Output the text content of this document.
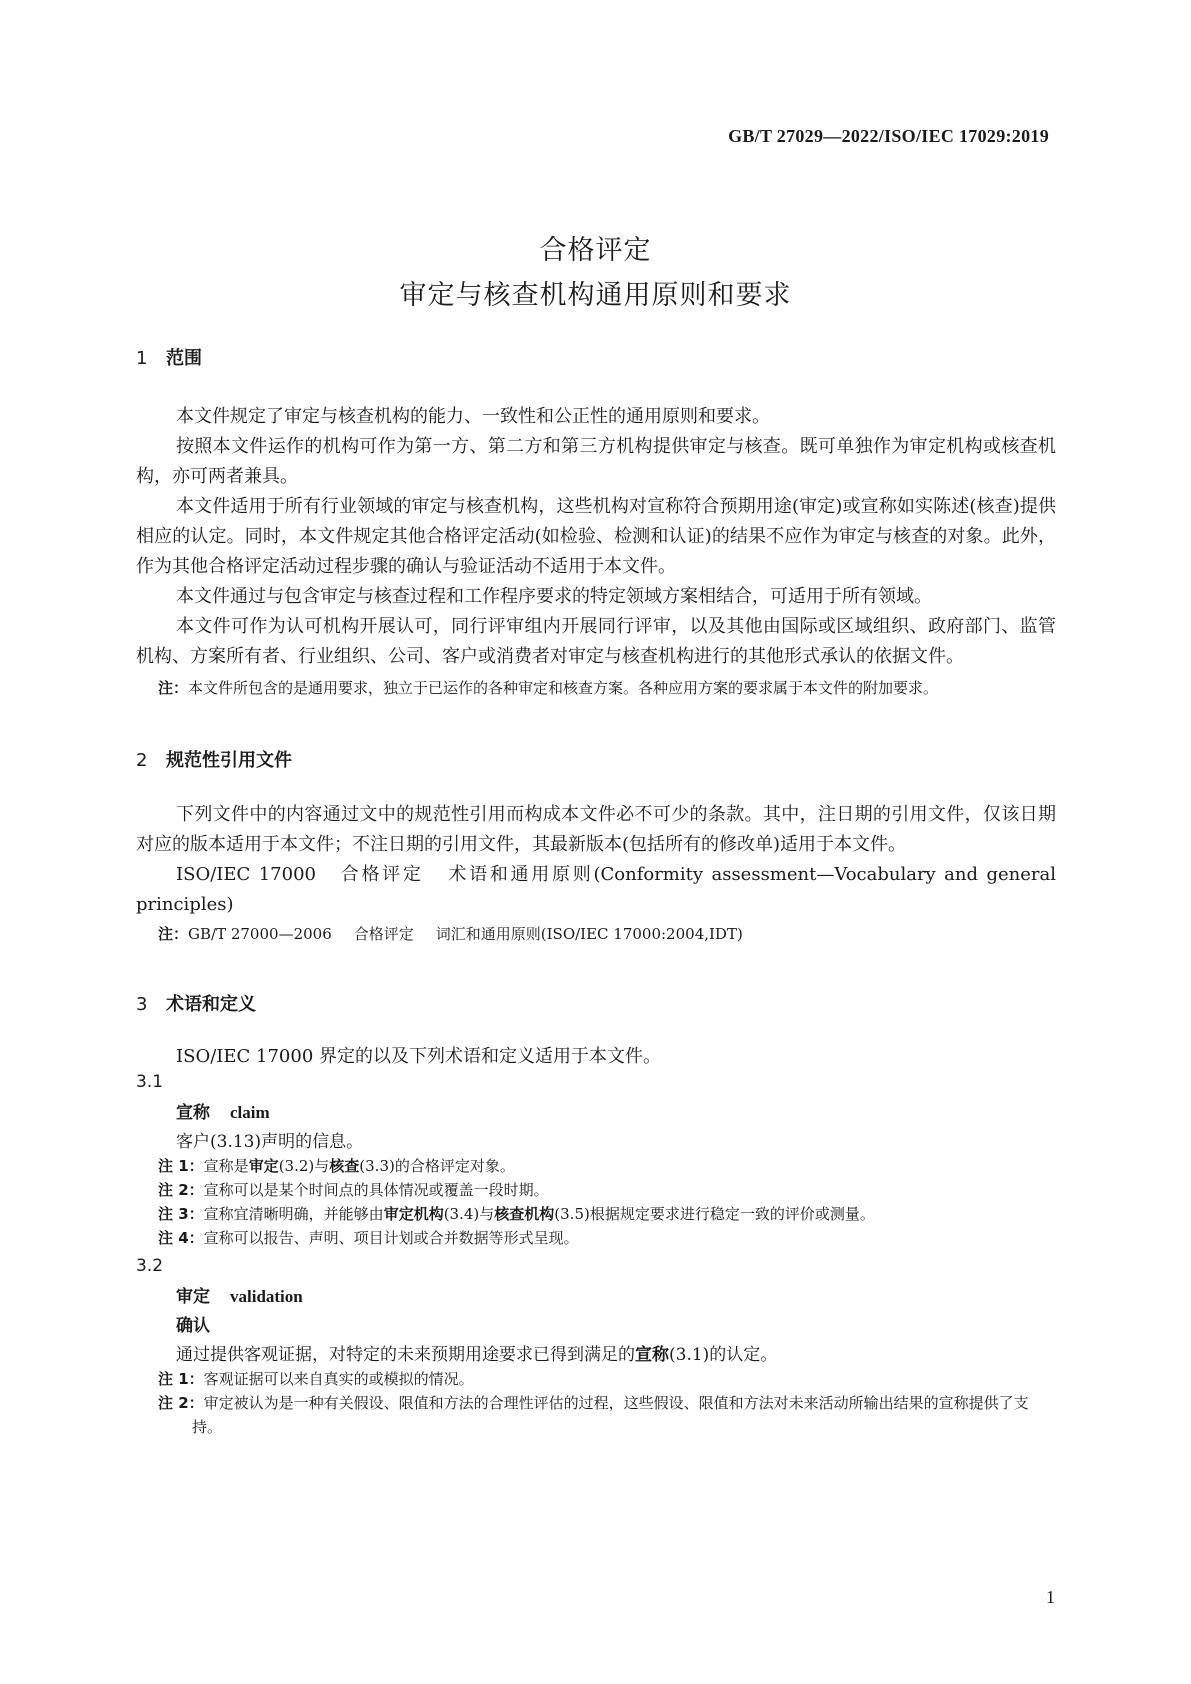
GB/T 27029—2022/ISO/IEC 17029:2019
合格评定
审定与核查机构通用原则和要求
1 范围

本文件规定了审定与核查机构的能力、一致性和公正性的通用原则和要求。

按照本文件运作的机构可作为第一方、第二方和第三方机构提供审定与核查。既可单独作为审定机构或核查机构，亦可两者兼具。

本文件适用于所有行业领域的审定与核查机构，这些机构对宣称符合预期用途(审定)或宣称如实陈述(核查)提供相应的认定。同时，本文件规定其他合格评定活动(如检验、检测和认证)的结果不应作为审定与核查的对象。此外，作为其他合格评定活动过程步骤的确认与验证活动不适用于本文件。

本文件通过与包含审定与核查过程和工作程序要求的特定领域方案相结合，可适用于所有领域。

本文件可作为认可机构开展认可，同行评审组内开展同行评审，以及其他由国际或区域组织、政府部门、监管机构、方案所有者、行业组织、公司、客户或消费者对审定与核查机构进行的其他形式承认的依据文件。

注：本文件所包含的是通用要求，独立于已运作的各种审定和核查方案。各种应用方案的要求属于本文件的附加要求。

2 规范性引用文件

下列文件中的内容通过文中的规范性引用而构成本文件必不可少的条款。其中，注日期的引用文件，仅该日期对应的版本适用于本文件；不注日期的引用文件，其最新版本(包括所有的修改单)适用于本文件。

ISO/IEC 17000 合格评定 术语和通用原则(Conformity assessment—Vocabulary and general principles)

注：GB/T 27000—2006 合格评定 词汇和通用原则(ISO/IEC 17000:2004,IDT)

3 术语和定义

ISO/IEC 17000 界定的以及下列术语和定义适用于本文件。

3.1
宣称 claim
客户(3.13)声明的信息。

注 1：宣称是审定(3.2)与核查(3.3)的合格评定对象。

注 2：宣称可以是某个时间点的具体情况或覆盖一段时期。

注 3：宣称宜清晰明确，并能够由审定机构(3.4)与核查机构(3.5)根据规定要求进行稳定一致的评价或测量。

注 4：宣称可以报告、声明、项目计划或合并数据等形式呈现。

3.2
审定 validation
确认
通过提供客观证据，对特定的未来预期用途要求已得到满足的宣称(3.1)的认定。

注 1：客观证据可以来自真实的或模拟的情况。

注 2：审定被认为是一种有关假设、限值和方法的合理性评估的过程，这些假设、限值和方法对未来活动所输出结果的宣称提供了支持。

1
